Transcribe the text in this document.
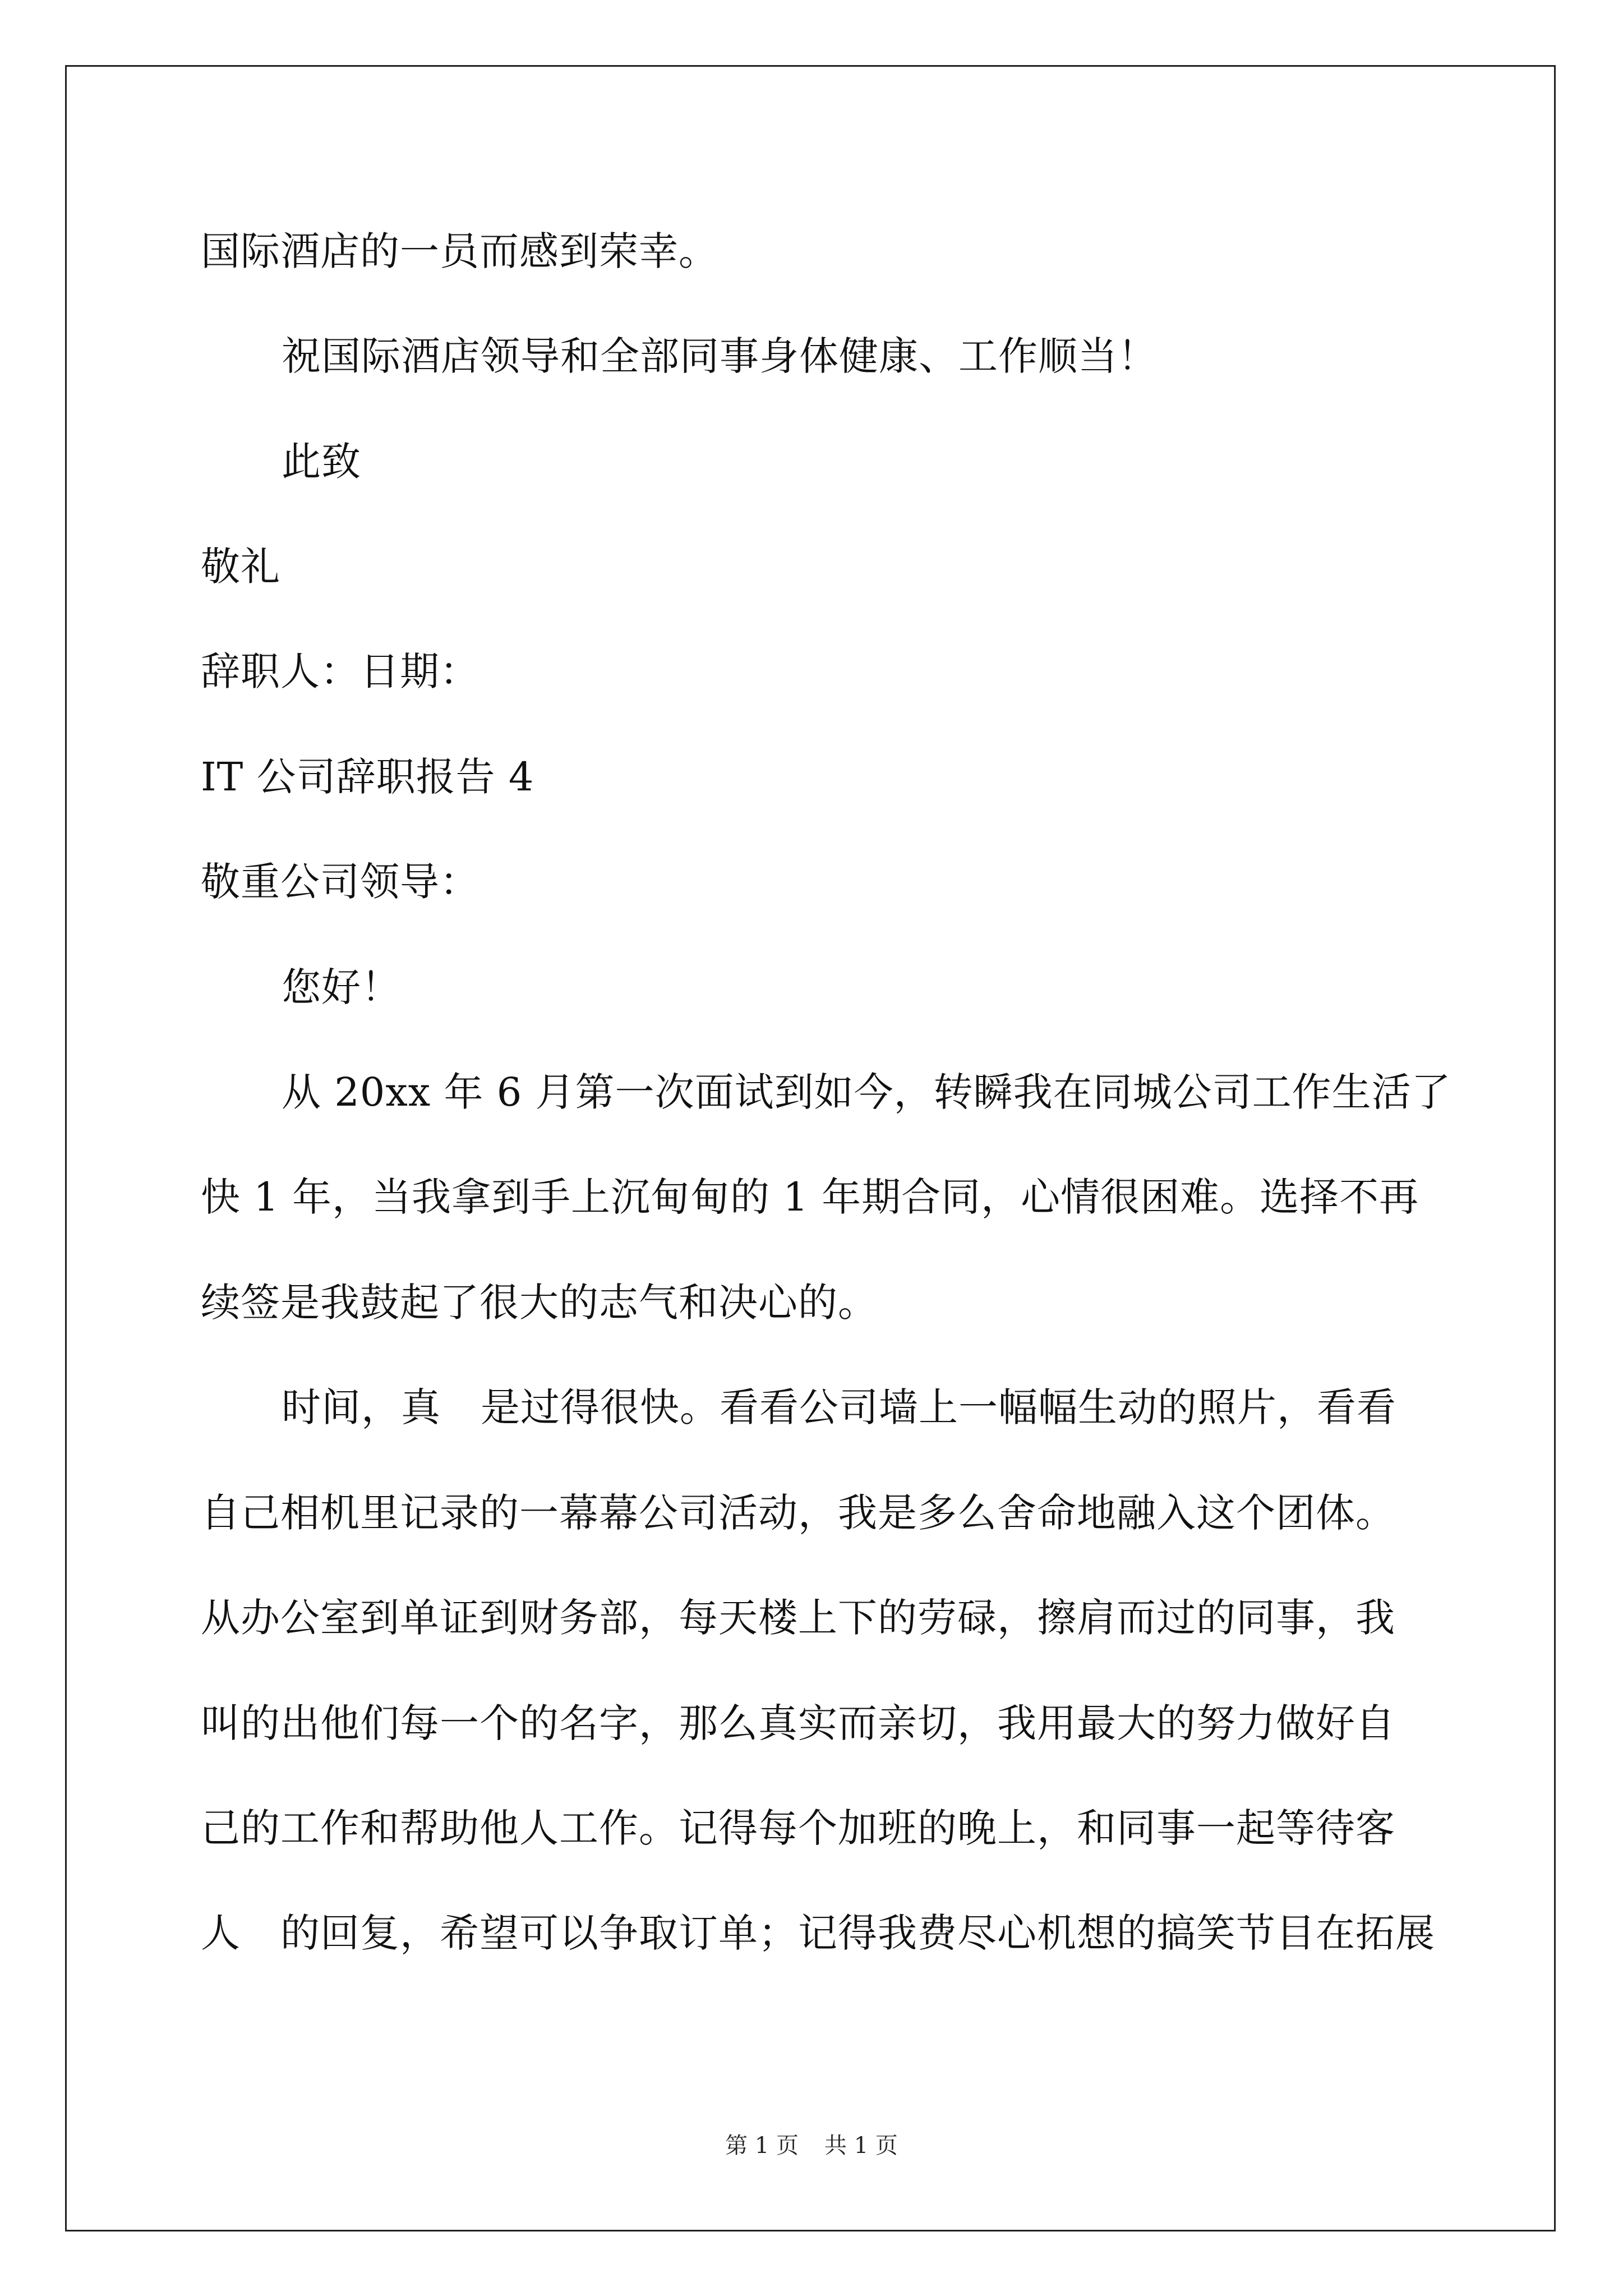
国际酒店的一员而感到荣幸。
祝国际酒店领导和全部同事身体健康、工作顺当！
此致
敬礼
辞职人：日期：
IT 公司辞职报告 4
敬重公司领导：
您好！
从 20xx 年 6 月第一次面试到如今，转瞬我在同城公司工作生活了
快 1 年，当我拿到手上沉甸甸的 1 年期合同，心情很困难。选择不再
续签是我鼓起了很大的志气和决心的。
时间，真　是过得很快。看看公司墙上一幅幅生动的照片，看看
自己相机里记录的一幕幕公司活动，我是多么舍命地融入这个团体。
从办公室到单证到财务部，每天楼上下的劳碌，擦肩而过的同事，我
叫的出他们每一个的名字，那么真实而亲切，我用最大的努力做好自
己的工作和帮助他人工作。记得每个加班的晚上，和同事一起等待客
人　的回复，希望可以争取订单；记得我费尽心机想的搞笑节目在拓展
第 1 页 共 1 页
